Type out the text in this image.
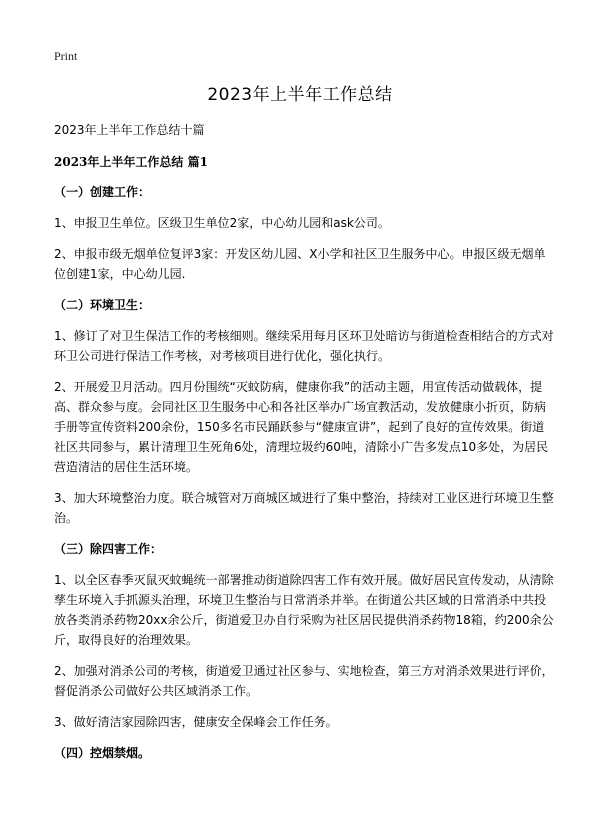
Print
2023年上半年工作总结

2023年上半年工作总结十篇

2023年上半年工作总结 篇1

（一）创建工作：

1、申报卫生单位。区级卫生单位2家，中心幼儿园和ask公司。

2、申报市级无烟单位复评3家：开发区幼儿园、X小学和社区卫生服务中心。申报区级无烟单位创建1家，中心幼儿园.

（二）环境卫生：

1、修订了对卫生保洁工作的考核细则。继续采用每月区环卫处暗访与街道检查相结合的方式对环卫公司进行保洁工作考核，对考核项目进行优化，强化执行。

2、开展爱卫月活动。四月份围统“灭蚊防病，健康你我”的活动主题，用宣传活动做载体，提高、群众参与度。会同社区卫生服务中心和各社区举办广场宣教活动，发放健康小折页，防病手册等宣传资料200余份，150多名市民踊跃参与“健康宣讲”，起到了良好的宣传效果。街道社区共同参与，累计清理卫生死角6处，清理垃圾约60吨，清除小广告多发点10多处，为居民营造清洁的居住生活环境。

3、加大环境整治力度。联合城管对万商城区域进行了集中整治，持续对工业区进行环境卫生整治。

（三）除四害工作：

1、以全区春季灭鼠灭蚊蝇统一部署推动街道除四害工作有效开展。做好居民宣传发动，从清除孳生环境入手抓源头治理，环境卫生整治与日常消杀并举。在街道公共区域的日常消杀中共投放各类消杀药物20xx余公斤，街道爱卫办自行采购为社区居民提供消杀药物18箱，约200余公斤，取得良好的治理效果。

2、加强对消杀公司的考核，街道爱卫通过社区参与、实地检查，第三方对消杀效果进行评价，督促消杀公司做好公共区域消杀工作。

3、做好清洁家园除四害，健康安全保峰会工作任务。

（四）控烟禁烟。
